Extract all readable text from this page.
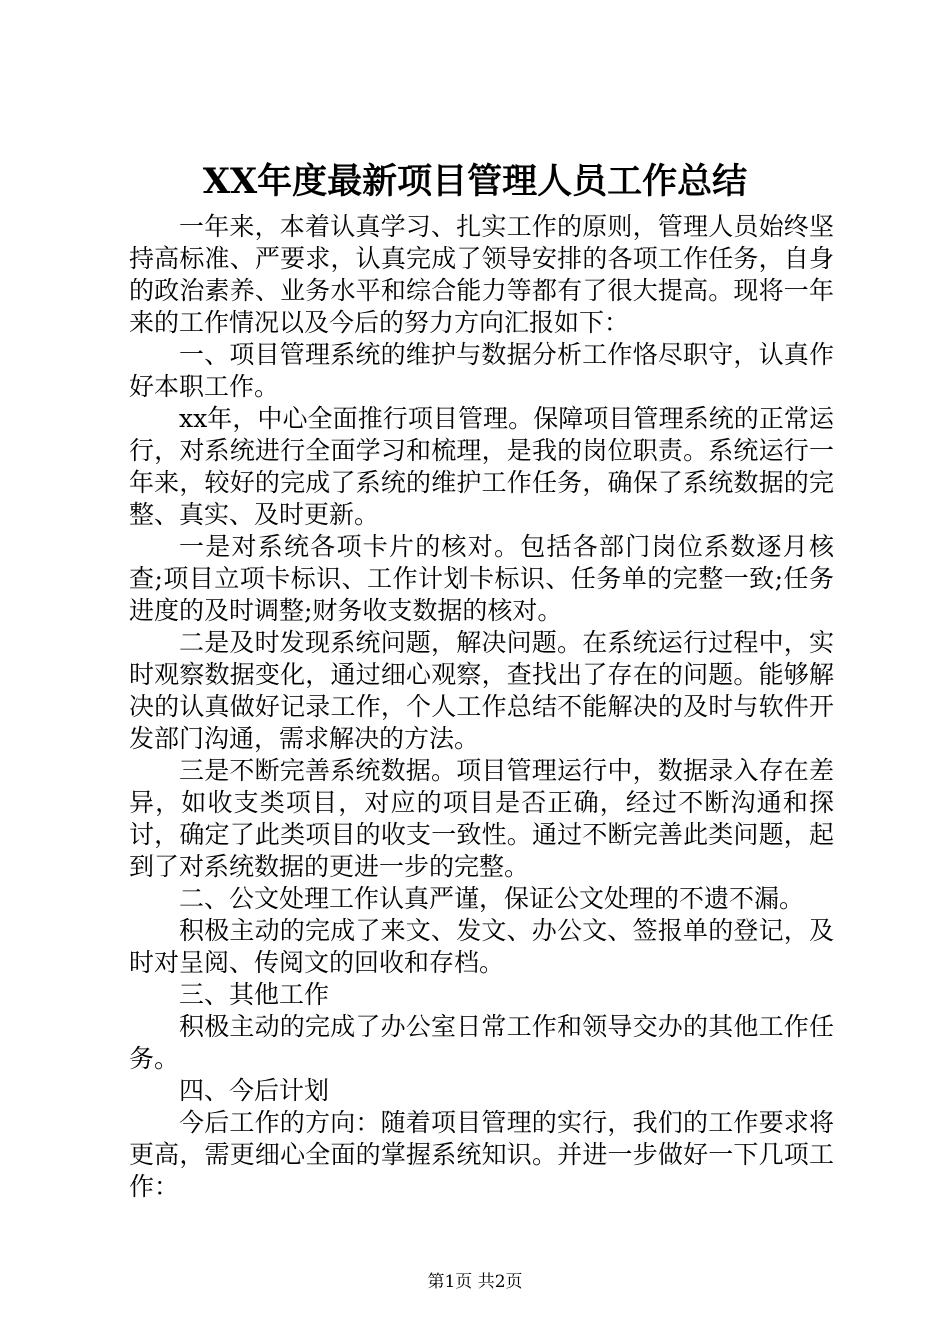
XX年度最新项目管理人员工作总结

一年来，本着认真学习、扎实工作的原则，管理人员始终坚持高标准、严要求，认真完成了领导安排的各项工作任务，自身的政治素养、业务水平和综合能力等都有了很大提高。现将一年来的工作情况以及今后的努力方向汇报如下：

一、项目管理系统的维护与数据分析工作恪尽职守，认真作好本职工作。

xx年，中心全面推行项目管理。保障项目管理系统的正常运行，对系统进行全面学习和梳理，是我的岗位职责。系统运行一年来，较好的完成了系统的维护工作任务，确保了系统数据的完整、真实、及时更新。

一是对系统各项卡片的核对。包括各部门岗位系数逐月核查;项目立项卡标识、工作计划卡标识、任务单的完整一致;任务进度的及时调整;财务收支数据的核对。

二是及时发现系统问题，解决问题。在系统运行过程中，实时观察数据变化，通过细心观察，查找出了存在的问题。能够解决的认真做好记录工作，个人工作总结不能解决的及时与软件开发部门沟通，需求解决的方法。

三是不断完善系统数据。项目管理运行中，数据录入存在差异，如收支类项目，对应的项目是否正确，经过不断沟通和探讨，确定了此类项目的收支一致性。通过不断完善此类问题，起到了对系统数据的更进一步的完整。

二、公文处理工作认真严谨，保证公文处理的不遗不漏。

积极主动的完成了来文、发文、办公文、签报单的登记，及时对呈阅、传阅文的回收和存档。

三、其他工作

积极主动的完成了办公室日常工作和领导交办的其他工作任务。

四、今后计划

今后工作的方向：随着项目管理的实行，我们的工作要求将更高，需更细心全面的掌握系统知识。并进一步做好一下几项工作：

第1页 共2页
